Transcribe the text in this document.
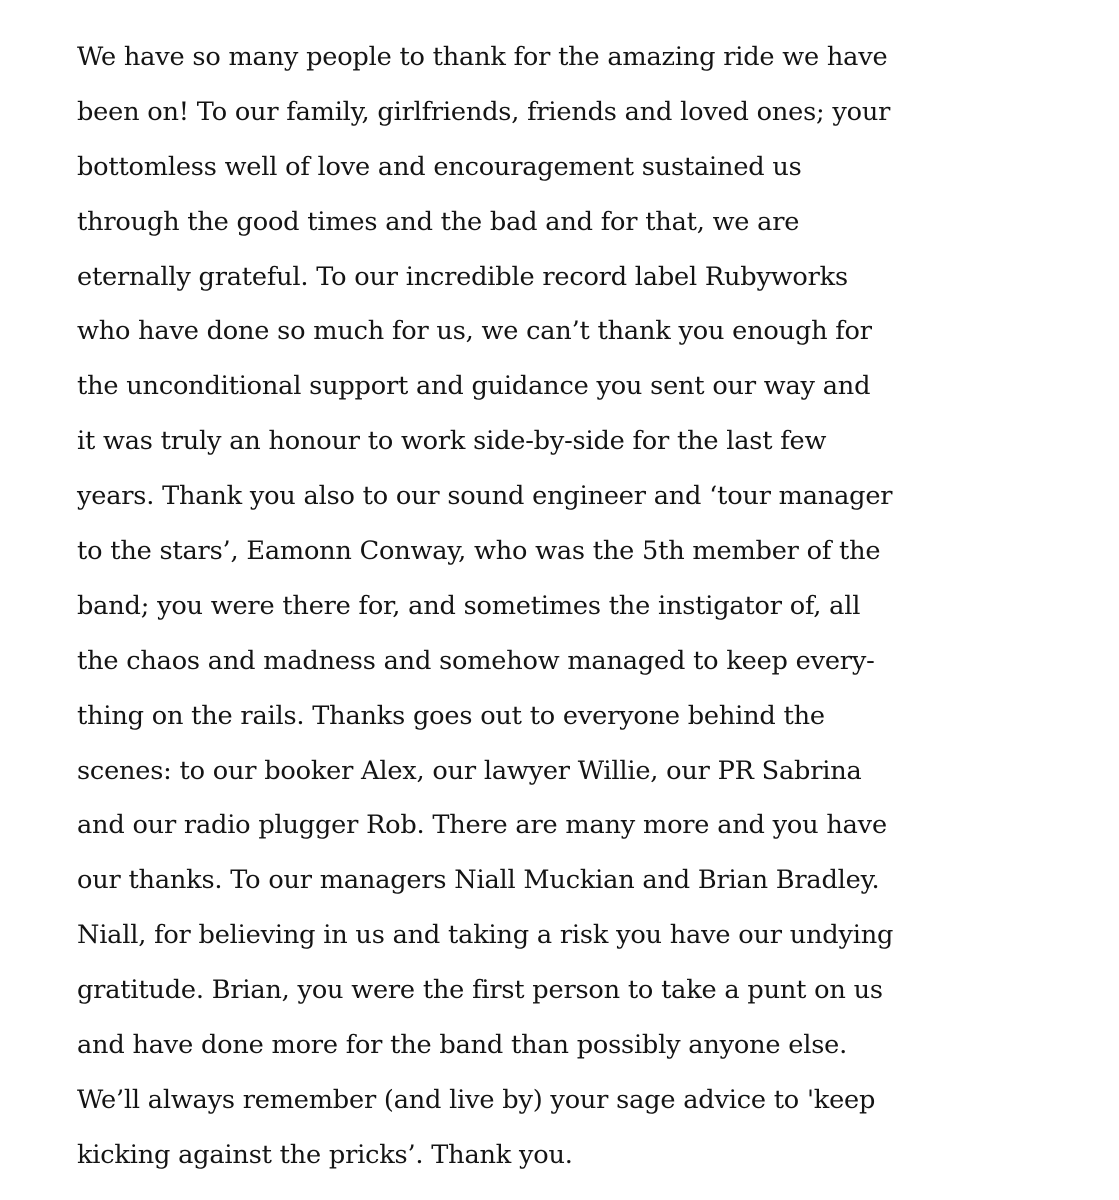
We have so many people to thank for the amazing ride we have
been on! To our family, girlfriends, friends and loved ones; your
bottomless well of love and encouragement sustained us
through the good times and the bad and for that, we are
eternally grateful. To our incredible record label Rubyworks
who have done so much for us, we can’t thank you enough for
the unconditional support and guidance you sent our way and
it was truly an honour to work side-by-side for the last few
years. Thank you also to our sound engineer and ‘tour manager
to the stars’, Eamonn Conway, who was the 5th member of the
band; you were there for, and sometimes the instigator of, all
the chaos and madness and somehow managed to keep every-
thing on the rails. Thanks goes out to everyone behind the
scenes: to our booker Alex, our lawyer Willie, our PR Sabrina
and our radio plugger Rob. There are many more and you have
our thanks. To our managers Niall Muckian and Brian Bradley.
Niall, for believing in us and taking a risk you have our undying
gratitude. Brian, you were the first person to take a punt on us
and have done more for the band than possibly anyone else.
We’ll always remember (and live by) your sage advice to 'keep
kicking against the pricks’. Thank you.
